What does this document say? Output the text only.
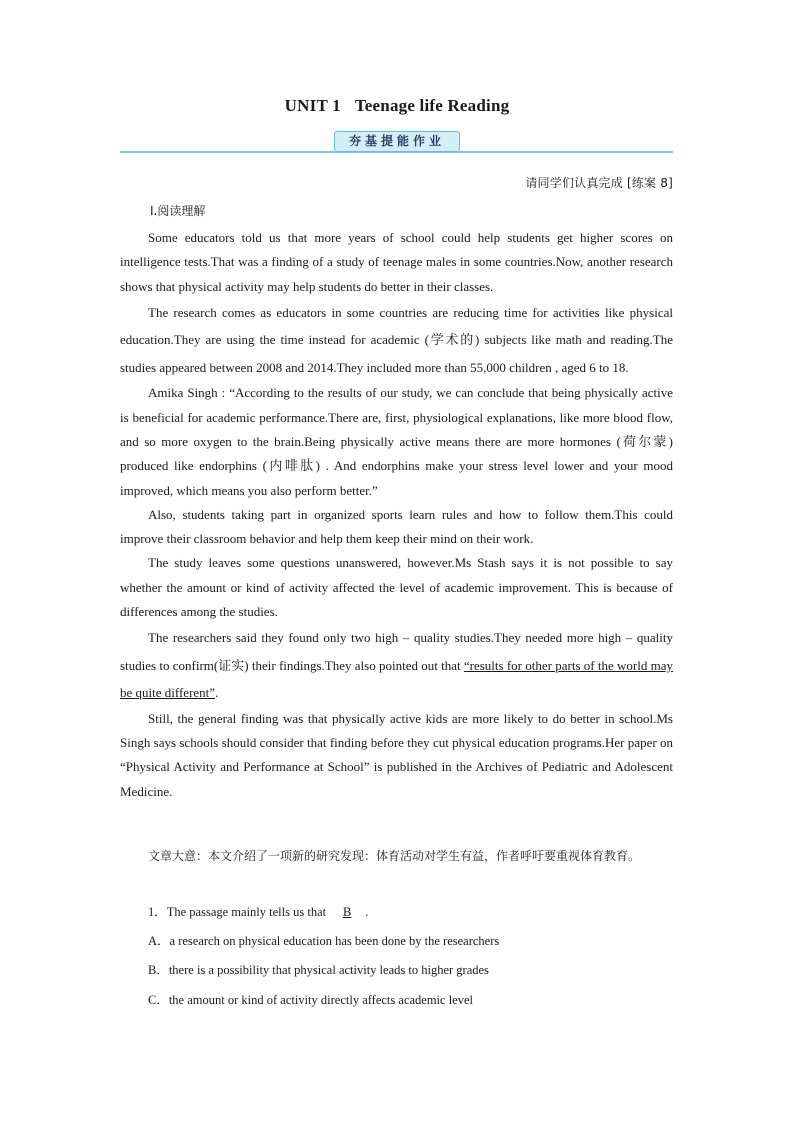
UNIT 1 Teenage life Reading
夯基提能作业
请同学们认真完成 [练案 8]
Ⅰ.阅读理解

Some educators told us that more years of school could help students get higher scores on intelligence tests.That was a finding of a study of teenage males in some countries.Now, another research shows that physical activity may help students do better in their classes.

The research comes as educators in some countries are reducing time for activities like physical education.They are using the time instead for academic (学术的) subjects like math and reading.The studies appeared between 2008 and 2014.They included more than 55,000 children , aged 6 to 18.

Amika Singh : “According to the results of our study, we can conclude that being physically active is beneficial for academic performance.There are, first, physiological explanations, like more blood flow, and so more oxygen to the brain.Being physically active means there are more hormones (荷尔蒙) produced like endorphins (内啡肽) . And endorphins make your stress level lower and your mood improved, which means you also perform better.”

Also, students taking part in organized sports learn rules and how to follow them.This could improve their classroom behavior and help them keep their mind on their work.

The study leaves some questions unanswered, however.Ms Stash says it is not possible to say whether the amount or kind of activity affected the level of academic improvement. This is because of differences among the studies.

The researchers said they found only two high – quality studies.They needed more high – quality studies to confirm(证实) their findings.They also pointed out that “results for other parts of the world may be quite different”.

Still, the general finding was that physically active kids are more likely to do better in school.Ms Singh says schools should consider that finding before they cut physical education programs.Her paper on “Physical Activity and Performance at School” is published in the Archives of Pediatric and Adolescent Medicine.

文章大意：本文介绍了一项新的研究发现：体育活动对学生有益，作者呼吁要重视体育教育。
1．The passage mainly tells us that B .
A．a research on physical education has been done by the researchers
B．there is a possibility that physical activity leads to higher grades
C．the amount or kind of activity directly affects academic level
